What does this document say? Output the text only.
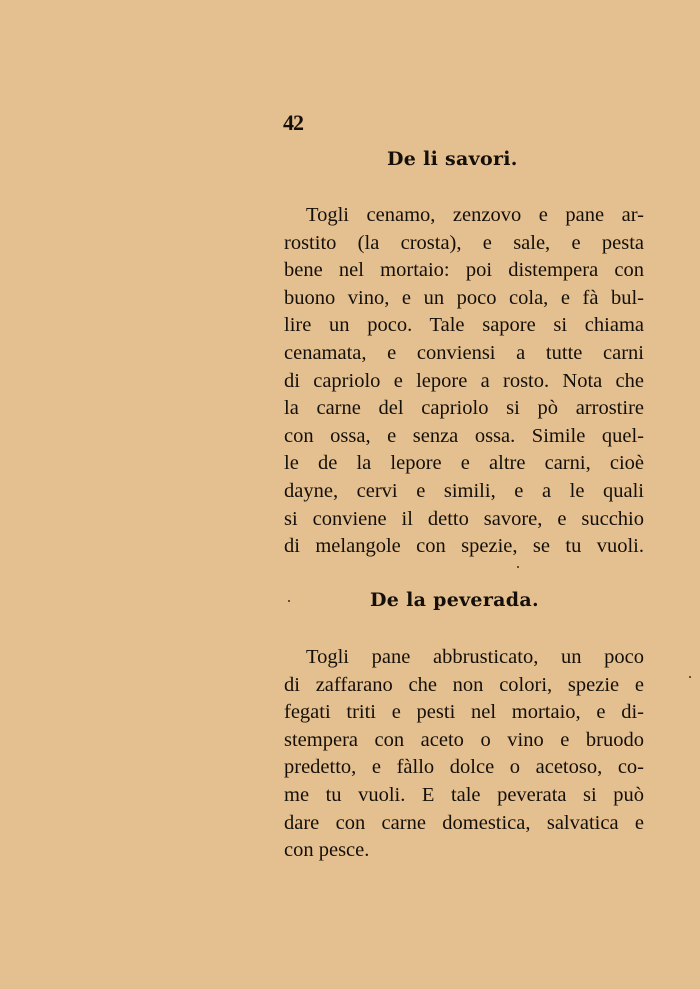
42
De li savori.
Togli cenamo, zenzovo e pane ar-
rostito (la crosta), e sale, e pesta
bene nel mortaio: poi distempera con
buono vino, e un poco cola, e fà bul-
lire un poco. Tale sapore si chiama
cenamata, e conviensi a tutte carni
di capriolo e lepore a rosto. Nota che
la carne del capriolo si pò arrostire
con ossa, e senza ossa. Simile quel-
le de la lepore e altre carni, cioè
dayne, cervi e simili, e a le quali
si conviene il detto savore, e succhio
di melangole con spezie, se tu vuoli.
De la peverada.
Togli pane abbrusticato, un poco
di zaffarano che non colori, spezie e
fegati triti e pesti nel mortaio, e di-
stempera con aceto o vino e bruodo
predetto, e fàllo dolce o acetoso, co-
me tu vuoli. E tale peverata si può
dare con carne domestica, salvatica e
con pesce.
